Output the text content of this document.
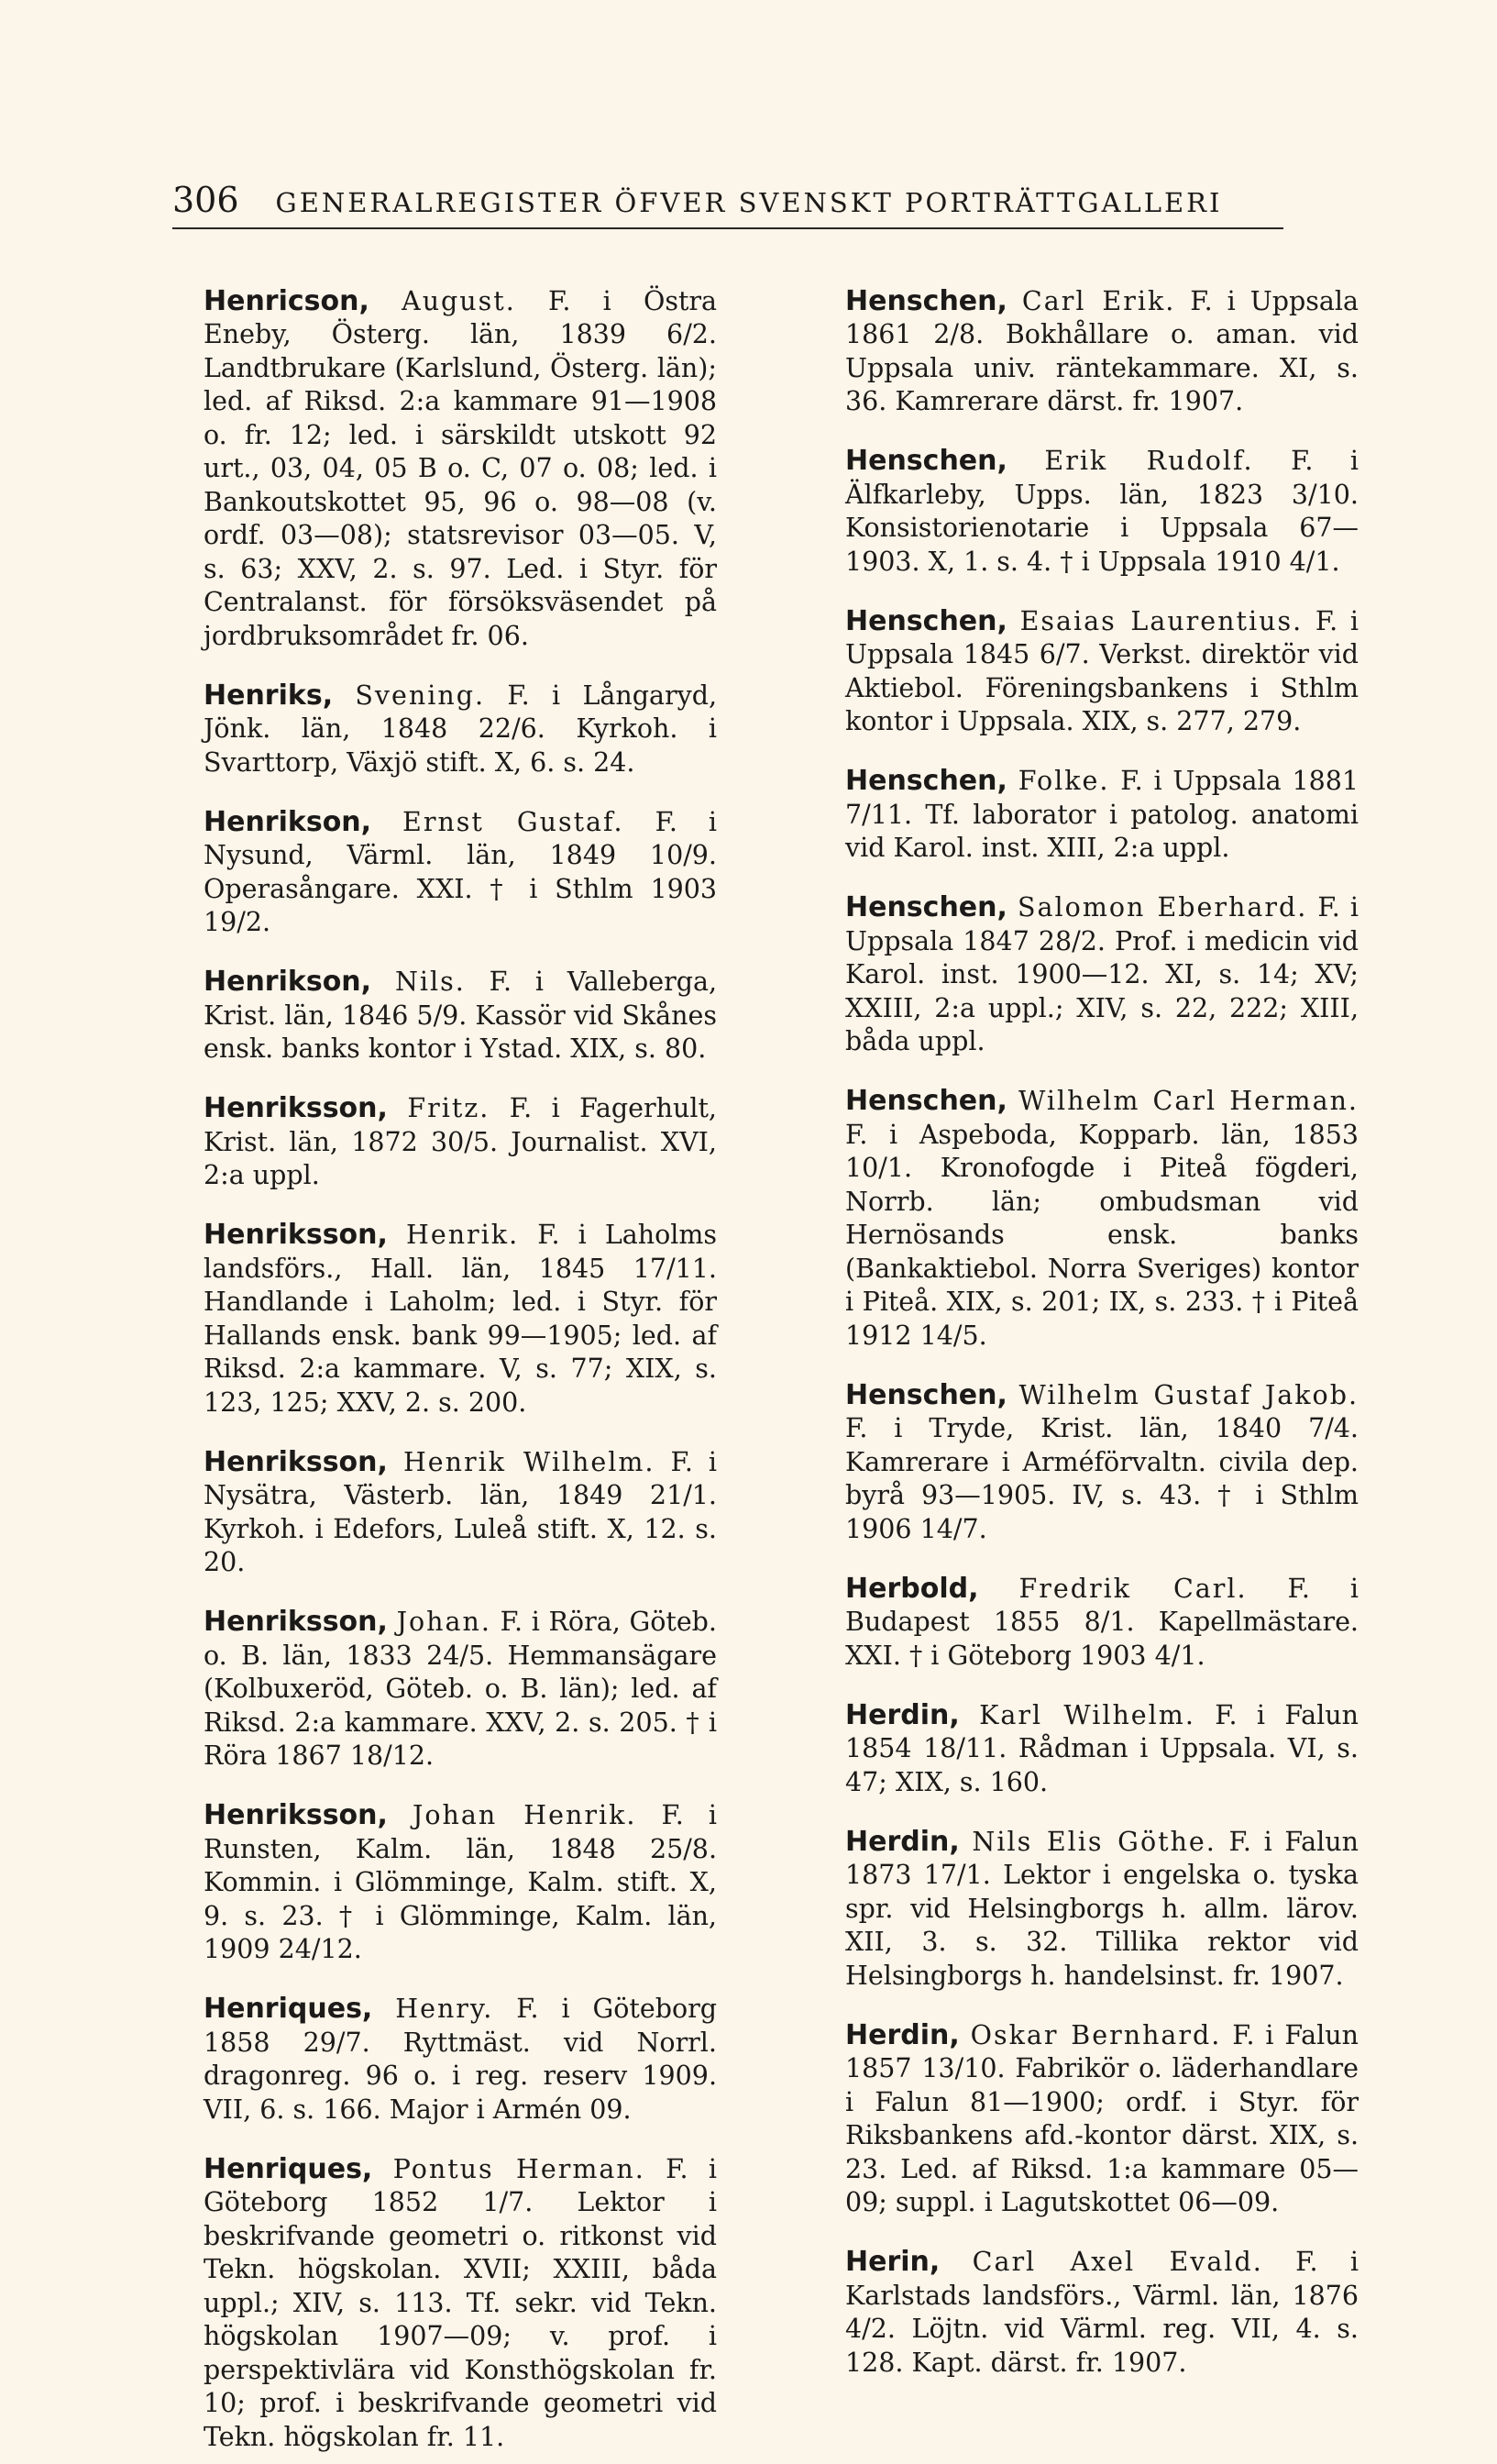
306 GENERALREGISTER ÖFVER SVENSKT PORTRÄTTGALLERI

Henricson, August. F. i Östra Eneby, Österg. län, 1839 6/2. Landtbrukare (Karlslund, Österg. län); led. af Riksd. 2:a kammare 91—1908 o. fr. 12; led. i särskildt utskott 92 urt., 03, 04, 05 B o. C, 07 o. 08; led. i Bankoutskottet 95, 96 o. 98—08 (v. ordf. 03—08); statsrevisor 03—05. V, s. 63; XXV, 2. s. 97. Led. i Styr. för Centralanst. för försöksväsendet på jordbruksområdet fr. 06.

Henriks, Svening. F. i Långaryd, Jönk. län, 1848 22/6. Kyrkoh. i Svarttorp, Växjö stift. X, 6. s. 24.

Henrikson, Ernst Gustaf. F. i Nysund, Värml. län, 1849 10/9. Operasångare. XXI. † i Sthlm 1903 19/2.

Henrikson, Nils. F. i Valleberga, Krist. län, 1846 5/9. Kassör vid Skånes ensk. banks kontor i Ystad. XIX, s. 80.

Henriksson, Fritz. F. i Fagerhult, Krist. län, 1872 30/5. Journalist. XVI, 2:a uppl.

Henriksson, Henrik. F. i Laholms landsförs., Hall. län, 1845 17/11. Handlande i Laholm; led. i Styr. för Hallands ensk. bank 99—1905; led. af Riksd. 2:a kammare. V, s. 77; XIX, s. 123, 125; XXV, 2. s. 200.

Henriksson, Henrik Wilhelm. F. i Nysätra, Västerb. län, 1849 21/1. Kyrkoh. i Edefors, Luleå stift. X, 12. s. 20.

Henriksson, Johan. F. i Röra, Göteb. o. B. län, 1833 24/5. Hemmansägare (Kolbuxeröd, Göteb. o. B. län); led. af Riksd. 2:a kammare. XXV, 2. s. 205. † i Röra 1867 18/12.

Henriksson, Johan Henrik. F. i Runsten, Kalm. län, 1848 25/8. Kommin. i Glömminge, Kalm. stift. X, 9. s. 23. † i Glömminge, Kalm. län, 1909 24/12.

Henriques, Henry. F. i Göteborg 1858 29/7. Ryttmäst. vid Norrl. dragonreg. 96 o. i reg. reserv 1909. VII, 6. s. 166. Major i Armén 09.

Henriques, Pontus Herman. F. i Göteborg 1852 1/7. Lektor i beskrifvande geometri o. ritkonst vid Tekn. högskolan. XVII; XXIII, båda uppl.; XIV, s. 113. Tf. sekr. vid Tekn. högskolan 1907—09; v. prof. i perspektivlära vid Konsthögskolan fr. 10; prof. i beskrifvande geometri vid Tekn. högskolan fr. 11.

Henschen, Carl Erik. F. i Uppsala 1861 2/8. Bokhållare o. aman. vid Uppsala univ. räntekammare. XI, s. 36. Kamrerare därst. fr. 1907.

Henschen, Erik Rudolf. F. i Älfkarleby, Upps. län, 1823 3/10. Konsistorienotarie i Uppsala 67—1903. X, 1. s. 4. † i Uppsala 1910 4/1.

Henschen, Esaias Laurentius. F. i Uppsala 1845 6/7. Verkst. direktör vid Aktiebol. Föreningsbankens i Sthlm kontor i Uppsala. XIX, s. 277, 279.

Henschen, Folke. F. i Uppsala 1881 7/11. Tf. laborator i patolog. anatomi vid Karol. inst. XIII, 2:a uppl.

Henschen, Salomon Eberhard. F. i Uppsala 1847 28/2. Prof. i medicin vid Karol. inst. 1900—12. XI, s. 14; XV; XXIII, 2:a uppl.; XIV, s. 22, 222; XIII, båda uppl.

Henschen, Wilhelm Carl Herman. F. i Aspeboda, Kopparb. län, 1853 10/1. Kronofogde i Piteå fögderi, Norrb. län; ombudsman vid Hernösands ensk. banks (Bankaktiebol. Norra Sveriges) kontor i Piteå. XIX, s. 201; IX, s. 233. † i Piteå 1912 14/5.

Henschen, Wilhelm Gustaf Jakob. F. i Tryde, Krist. län, 1840 7/4. Kamrerare i Arméförvaltn. civila dep. byrå 93—1905. IV, s. 43. † i Sthlm 1906 14/7.

Herbold, Fredrik Carl. F. i Budapest 1855 8/1. Kapellmästare. XXI. † i Göteborg 1903 4/1.

Herdin, Karl Wilhelm. F. i Falun 1854 18/11. Rådman i Uppsala. VI, s. 47; XIX, s. 160.

Herdin, Nils Elis Göthe. F. i Falun 1873 17/1. Lektor i engelska o. tyska spr. vid Helsingborgs h. allm. lärov. XII, 3. s. 32. Tillika rektor vid Helsingborgs h. handelsinst. fr. 1907.

Herdin, Oskar Bernhard. F. i Falun 1857 13/10. Fabrikör o. läderhandlare i Falun 81—1900; ordf. i Styr. för Riksbankens afd.-kontor därst. XIX, s. 23. Led. af Riksd. 1:a kammare 05—09; suppl. i Lagutskottet 06—09.

Herin, Carl Axel Evald. F. i Karlstads landsförs., Värml. län, 1876 4/2. Löjtn. vid Värml. reg. VII, 4. s. 128. Kapt. därst. fr. 1907.
